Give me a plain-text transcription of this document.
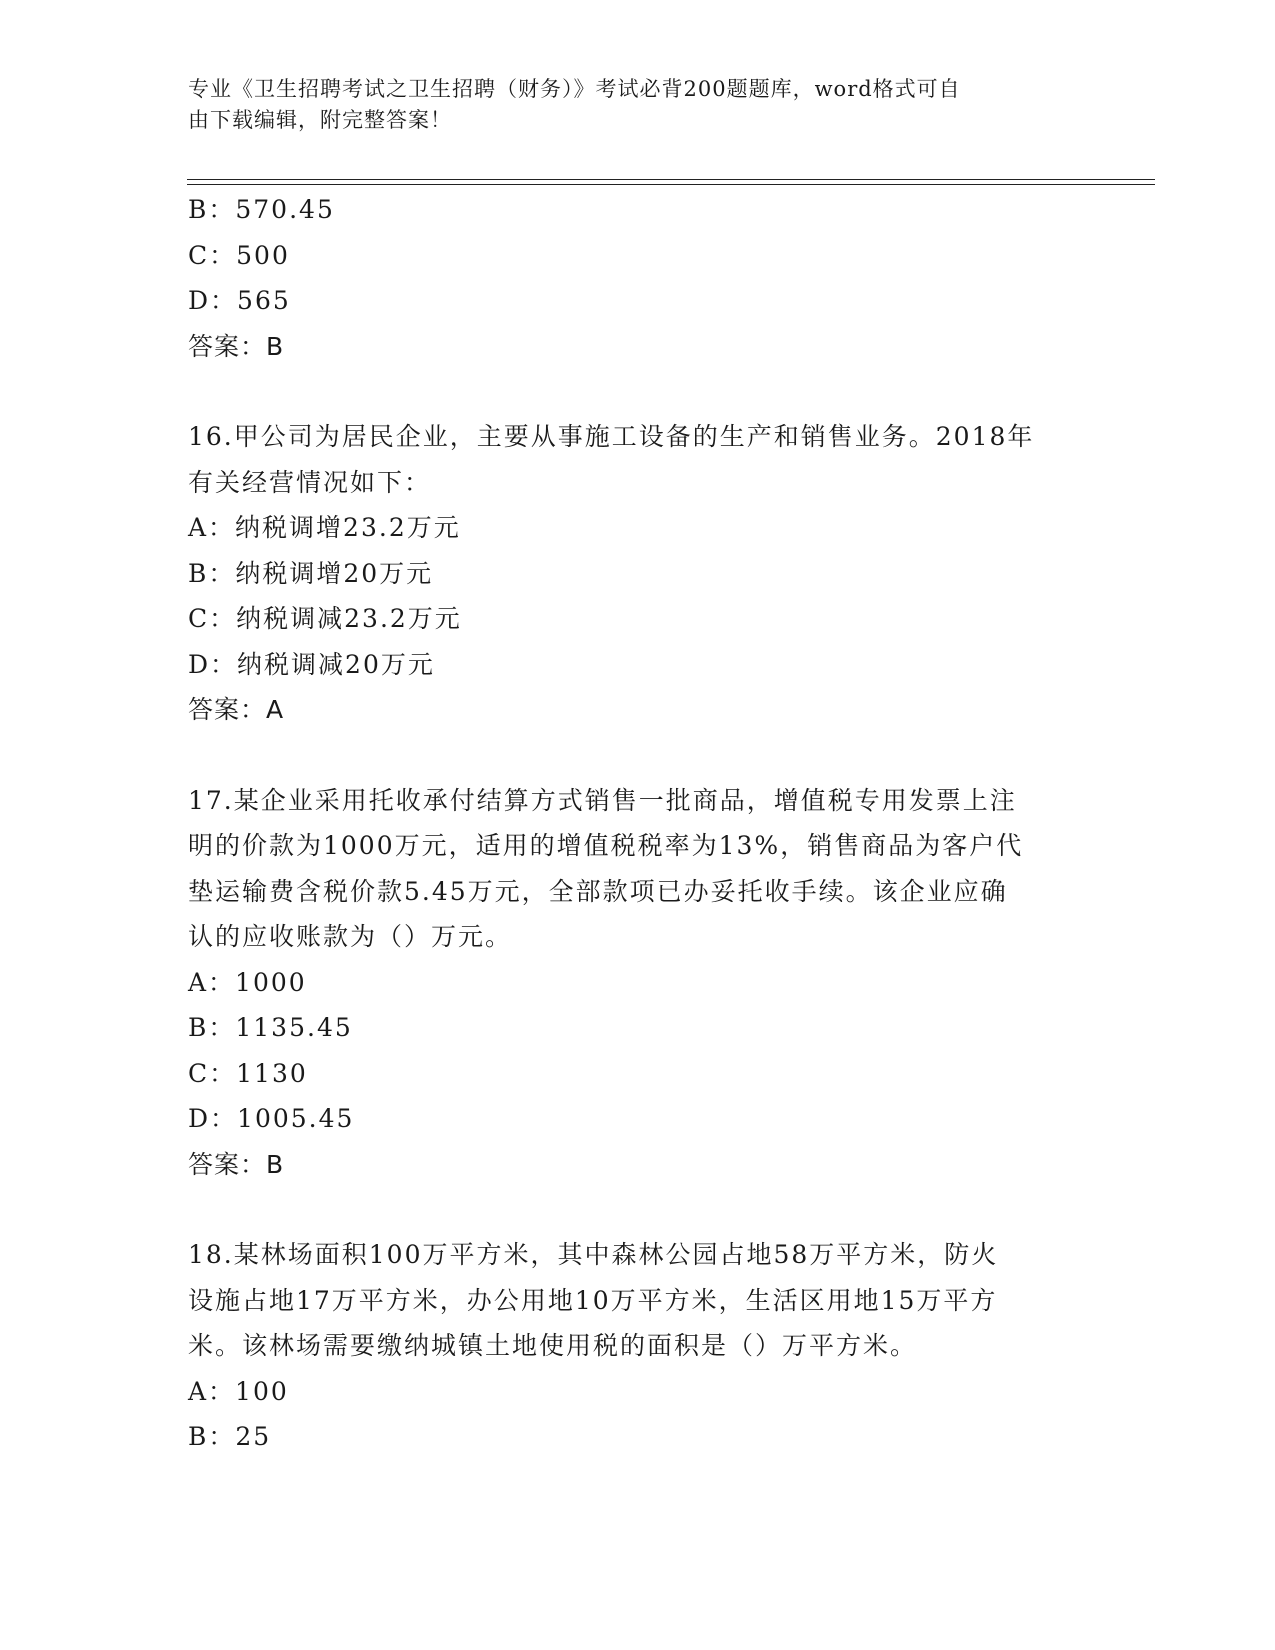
专业《卫生招聘考试之卫生招聘（财务）》考试必背200题题库，word格式可自
由下载编辑，附完整答案！
B：570.45
C：500
D：565
答案：B
16.甲公司为居民企业，主要从事施工设备的生产和销售业务。2018年
有关经营情况如下：
A：纳税调增23.2万元
B：纳税调增20万元
C：纳税调减23.2万元
D：纳税调减20万元
答案：A
17.某企业采用托收承付结算方式销售一批商品，增值税专用发票上注
明的价款为1000万元，适用的增值税税率为13%，销售商品为客户代
垫运输费含税价款5.45万元，全部款项已办妥托收手续。该企业应确
认的应收账款为（）万元。
A：1000
B：1135.45
C：1130
D：1005.45
答案：B
18.某林场面积100万平方米，其中森林公园占地58万平方米，防火
设施占地17万平方米，办公用地10万平方米，生活区用地15万平方
米。该林场需要缴纳城镇土地使用税的面积是（）万平方米。
A：100
B：25
